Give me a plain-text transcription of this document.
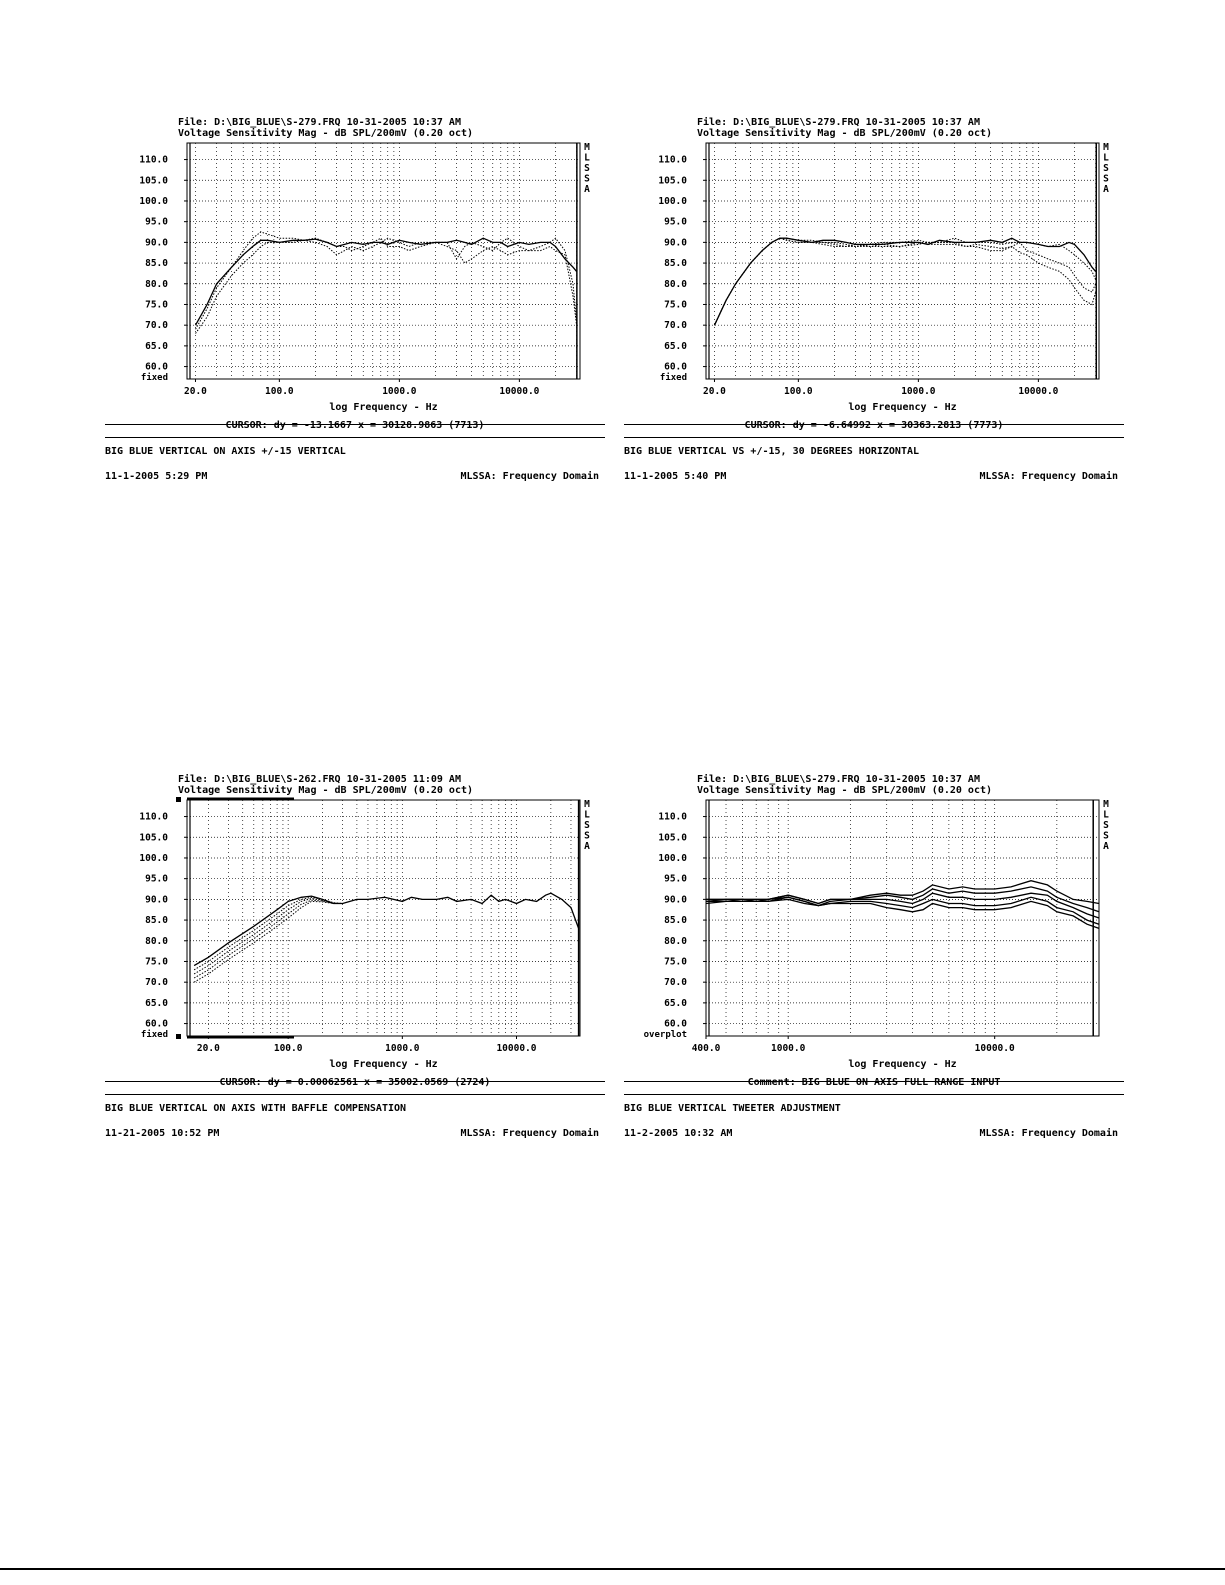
File: D:\BIG_BLUE\S-279.FRQ 10-31-2005 10:37 AM
Voltage Sensitivity Mag - dB SPL/200mV (0.20 oct)
110.0
105.0
100.0
95.0
90.0
85.0
80.0
75.0
70.0
65.0
60.0
fixed
20.0	100.0	1000.0	10000.0
log Frequency - Hz
M
L
S
S
A
CURSOR: dy = -13.1667 x = 30128.9863 (7713)
BIG BLUE VERTICAL ON AXIS +/-15 VERTICAL
11-1-2005 5:29 PM	MLSSA: Frequency Domain
File: D:\BIG_BLUE\S-279.FRQ 10-31-2005 10:37 AM
Voltage Sensitivity Mag - dB SPL/200mV (0.20 oct)
110.0
105.0
100.0
95.0
90.0
85.0
80.0
75.0
70.0
65.0
60.0
fixed
20.0	100.0	1000.0	10000.0
log Frequency - Hz
M
L
S
S
A
CURSOR: dy = -6.64992 x = 30363.2813 (7773)
BIG BLUE VERTICAL VS +/-15, 30 DEGREES HORIZONTAL
11-1-2005 5:40 PM	MLSSA: Frequency Domain
File: D:\BIG_BLUE\S-262.FRQ 10-31-2005 11:09 AM
Voltage Sensitivity Mag - dB SPL/200mV (0.20 oct)
110.0
105.0
100.0
95.0
90.0
85.0
80.0
75.0
70.0
65.0
60.0
fixed
20.0	100.0	1000.0	10000.0
log Frequency - Hz
M
L
S
S
A
CURSOR: dy = 0.00062561 x = 35002.0569 (2724)
BIG BLUE VERTICAL ON AXIS WITH BAFFLE COMPENSATION
11-21-2005 10:52 PM	MLSSA: Frequency Domain
File: D:\BIG_BLUE\S-279.FRQ 10-31-2005 10:37 AM
Voltage Sensitivity Mag - dB SPL/200mV (0.20 oct)
110.0
105.0
100.0
95.0
90.0
85.0
80.0
75.0
70.0
65.0
60.0
overplot
400.0	1000.0	10000.0
log Frequency - Hz
M
L
S
S
A
Comment: BIG BLUE ON AXIS FULL RANGE INPUT
BIG BLUE VERTICAL TWEETER ADJUSTMENT
11-2-2005 10:32 AM	MLSSA: Frequency Domain
